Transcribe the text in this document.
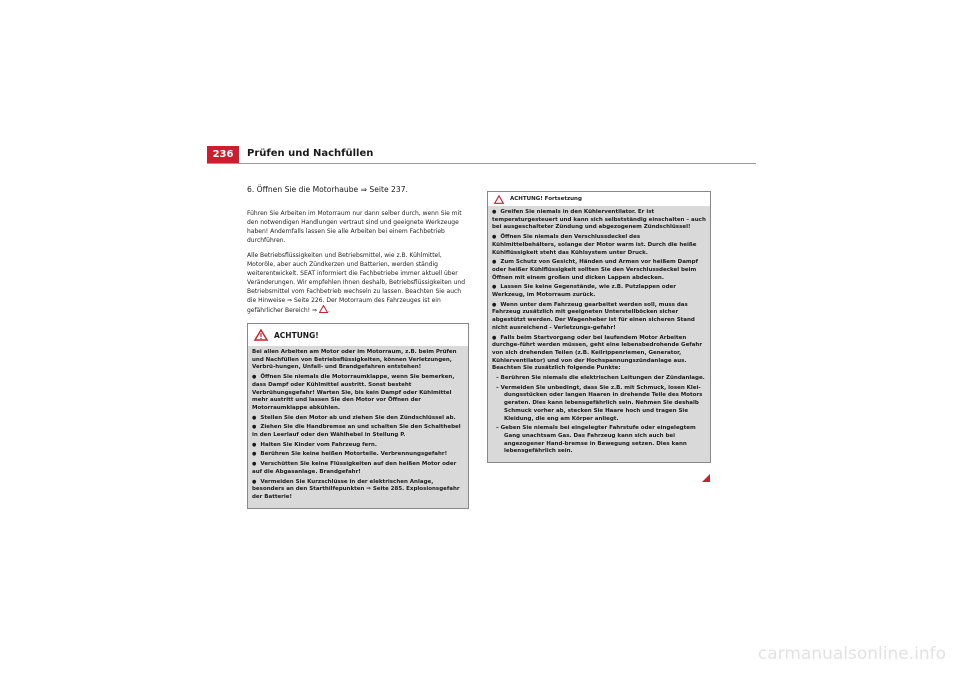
236	Prüfen und Nachfüllen

6. Öffnen Sie die Motorhaube ⇒ Seite 237.

Führen Sie Arbeiten im Motorraum nur dann selber durch, wenn Sie mit den notwendigen Handlungen vertraut sind und geeignete Werkzeuge haben! Andernfalls lassen Sie alle Arbeiten bei einem Fachbetrieb durchführen.

Alle Betriebsflüssigkeiten und Betriebsmittel, wie z.B. Kühlmittel, Motoröle, aber auch Zündkerzen und Batterien, werden ständig weiterentwickelt. SEAT informiert die Fachbetriebe immer aktuell über Veränderungen. Wir empfehlen Ihnen deshalb, Betriebsflüssigkeiten und Betriebsmittel vom Fachbetrieb wechseln zu lassen. Beachten Sie auch die Hinweise ⇒ Seite 226. Der Motorraum des Fahrzeuges ist ein gefährlicher Bereich! ⇒ .

ACHTUNG!

Bei allen Arbeiten am Motor oder im Motorraum, z.B. beim Prüfen und Nachfüllen von Betriebsflüssigkeiten, können Verletzungen, Verbrü-hungen, Unfall- und Brandgefahren entstehen!

● Öffnen Sie niemals die Motorraumklappe, wenn Sie bemerken, dass Dampf oder Kühlmittel austritt. Sonst besteht Verbrühungsgefahr! Warten Sie, bis kein Dampf oder Kühlmittel mehr austritt und lassen Sie den Motor vor Öffnen der Motorraumklappe abkühlen.

● Stellen Sie den Motor ab und ziehen Sie den Zündschlüssel ab.

● Ziehen Sie die Handbremse an und schalten Sie den Schalthebel in den Leerlauf oder den Wählhebel in Stellung P.

● Halten Sie Kinder vom Fahrzeug fern.

● Berühren Sie keine heißen Motorteile. Verbrennungsgefahr!

● Verschütten Sie keine Flüssigkeiten auf den heißen Motor oder auf die Abgasanlage. Brandgefahr!

● Vermeiden Sie Kurzschlüsse in der elektrischen Anlage, besonders an den Starthilfepunkten ⇒ Seite 285. Explosionsgefahr der Batterie!

ACHTUNG! Fortsetzung

● Greifen Sie niemals in den Kühlerventilator. Er ist temperaturgesteuert und kann sich selbstständig einschalten – auch bei ausgeschalteter Zündung und abgezogenem Zündschlüssel!

● Öffnen Sie niemals den Verschlussdeckel des Kühlmittelbehälters, solange der Motor warm ist. Durch die heiße Kühlflüssigkeit steht das Kühlsystem unter Druck.

● Zum Schutz von Gesicht, Händen und Armen vor heißem Dampf oder heißer Kühlflüssigkeit sollten Sie den Verschlussdeckel beim Öffnen mit einem großen und dicken Lappen abdecken.

● Lassen Sie keine Gegenstände, wie z.B. Putzlappen oder Werkzeug, im Motorraum zurück.

● Wenn unter dem Fahrzeug gearbeitet werden soll, muss das Fahrzeug zusätzlich mit geeigneten Unterstellböcken sicher abgestützt werden. Der Wagenheber ist für einen sicheren Stand nicht ausreichend - Verletzungs-gefahr!

● Falls beim Startvorgang oder bei laufendem Motor Arbeiten durchge-führt werden müssen, geht eine lebensbedrohende Gefahr von sich drehenden Teilen (z.B. Keilrippenriemen, Generator, Kühlerventilator) und von der Hochspannungszündanlage aus. Beachten Sie zusätzlich folgende Punkte:

– Berühren Sie niemals die elektrischen Leitungen der Zündanlage.

– Vermeiden Sie unbedingt, dass Sie z.B. mit Schmuck, losen Klei-dungsstücken oder langen Haaren in drehende Teile des Motors geraten. Dies kann lebensgefährlich sein. Nehmen Sie deshalb Schmuck vorher ab, stecken Sie Haare hoch und tragen Sie Kleidung, die eng am Körper anliegt.

– Geben Sie niemals bei eingelegter Fahrstufe oder eingelegtem Gang unachtsam Gas. Das Fahrzeug kann sich auch bei angezogener Hand-bremse in Bewegung setzen. Dies kann lebensgefährlich sein.

carmanualsonline.info
